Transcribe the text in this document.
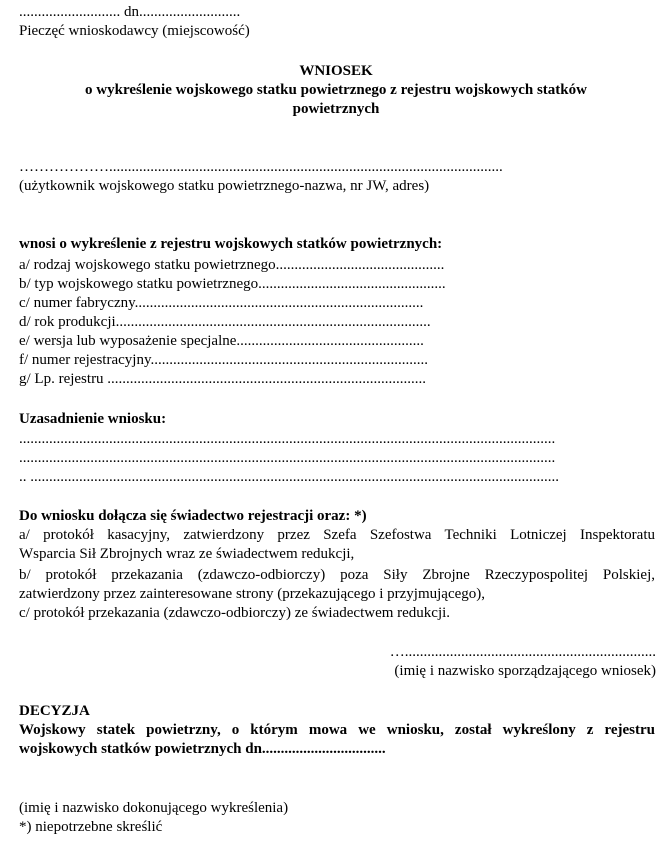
........................... dn...........................
Pieczęć wnioskodawcy (miejscowość)
WNIOSEK
o wykreślenie wojskowego statku powietrznego z rejestru wojskowych statków
powietrznych
……………….........................................................................................................
(użytkownik wojskowego statku powietrznego-nazwa, nr JW, adres)
wnosi o wykreślenie z rejestru wojskowych statków powietrznych:
a/ rodzaj wojskowego statku powietrznego.............................................
b/ typ wojskowego statku powietrznego..................................................
c/ numer fabryczny.............................................................................
d/ rok produkcji....................................................................................
e/ wersja lub wyposażenie specjalne..................................................
f/ numer rejestracyjny..........................................................................
g/ Lp. rejestru .....................................................................................
Uzasadnienie wniosku:
...............................................................................................................................................
...............................................................................................................................................
.. .............................................................................................................................................
Do wniosku dołącza się świadectwo rejestracji oraz: *)
a/ protokół kasacyjny, zatwierdzony przez Szefa Szefostwa Techniki Lotniczej Inspektoratu
Wsparcia Sił Zbrojnych wraz ze świadectwem redukcji,
b/ protokół przekazania (zdawczo-odbiorczy) poza Siły Zbrojne Rzeczypospolitej Polskiej,
zatwierdzony przez zainteresowane strony (przekazującego i przyjmującego),
c/ protokół przekazania (zdawczo-odbiorczy) ze świadectwem redukcji.
…...................................................................
(imię i nazwisko sporządzającego wniosek)
DECYZJA
Wojskowy statek powietrzny, o którym mowa we wniosku, został wykreślony z rejestru
wojskowych statków powietrznych dn.................................
(imię i nazwisko dokonującego wykreślenia)
*) niepotrzebne skreślić
